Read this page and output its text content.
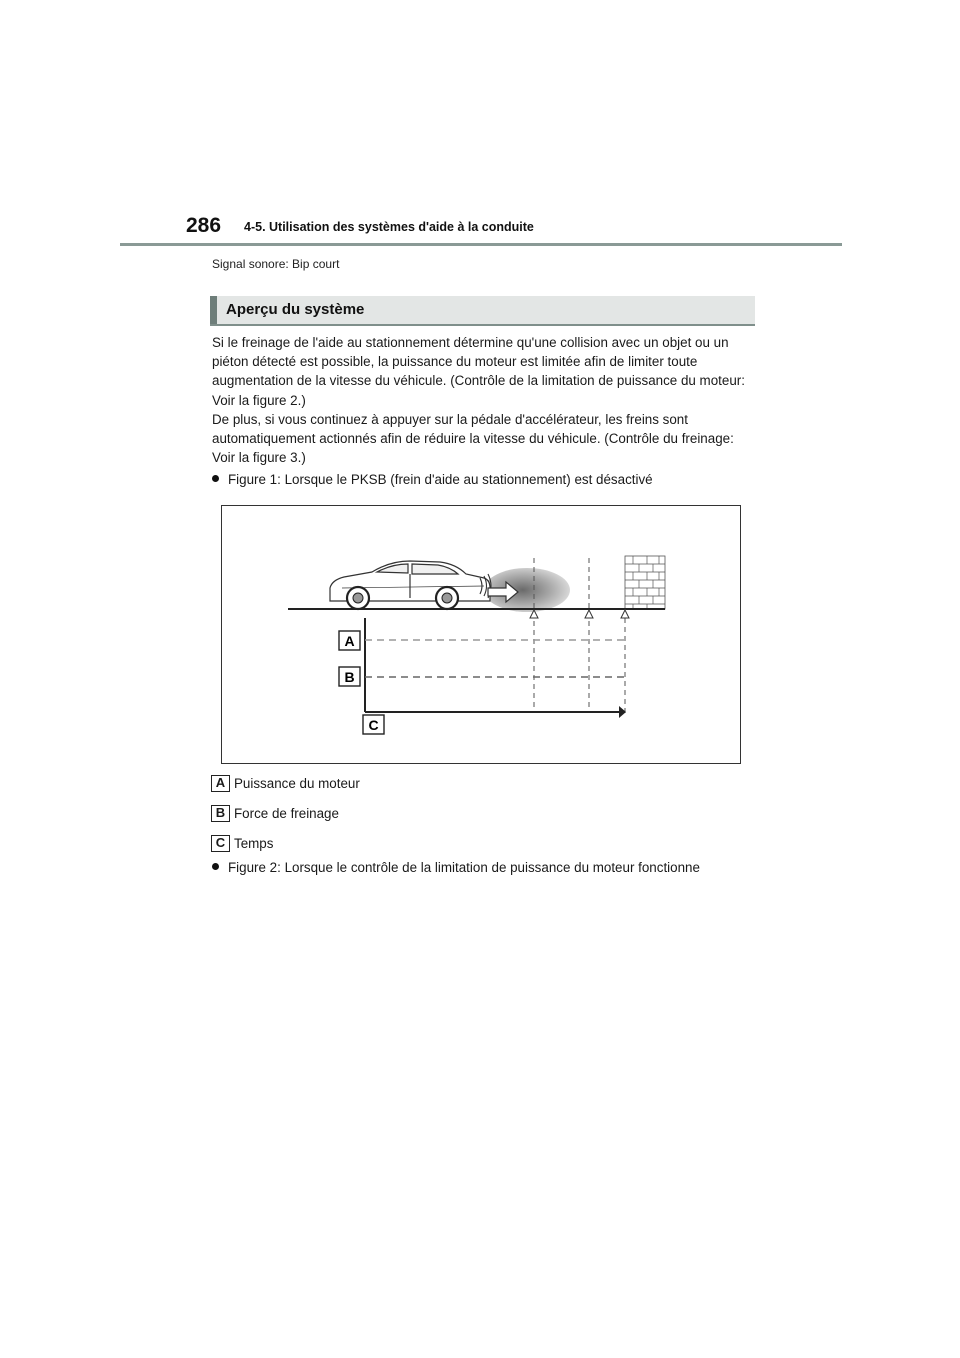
286 4-5. Utilisation des systèmes d'aide à la conduite
Signal sonore: Bip court
Aperçu du système

Si le freinage de l'aide au stationnement détermine qu'une collision avec un objet ou un piéton détecté est possible, la puissance du moteur est limitée afin de limiter toute augmentation de la vitesse du véhicule. (Contrôle de la limitation de puissance du moteur: Voir la figure 2.)

De plus, si vous continuez à appuyer sur la pédale d'accélérateur, les freins sont automatiquement actionnés afin de réduire la vitesse du véhicule. (Contrôle du freinage: Voir la figure 3.)

Figure 1: Lorsque le PKSB (frein d'aide au stationnement) est désactivé
A
B
C
A Puissance du moteur
B Force de freinage
C Temps
Figure 2: Lorsque le contrôle de la limitation de puissance du moteur fonctionne
